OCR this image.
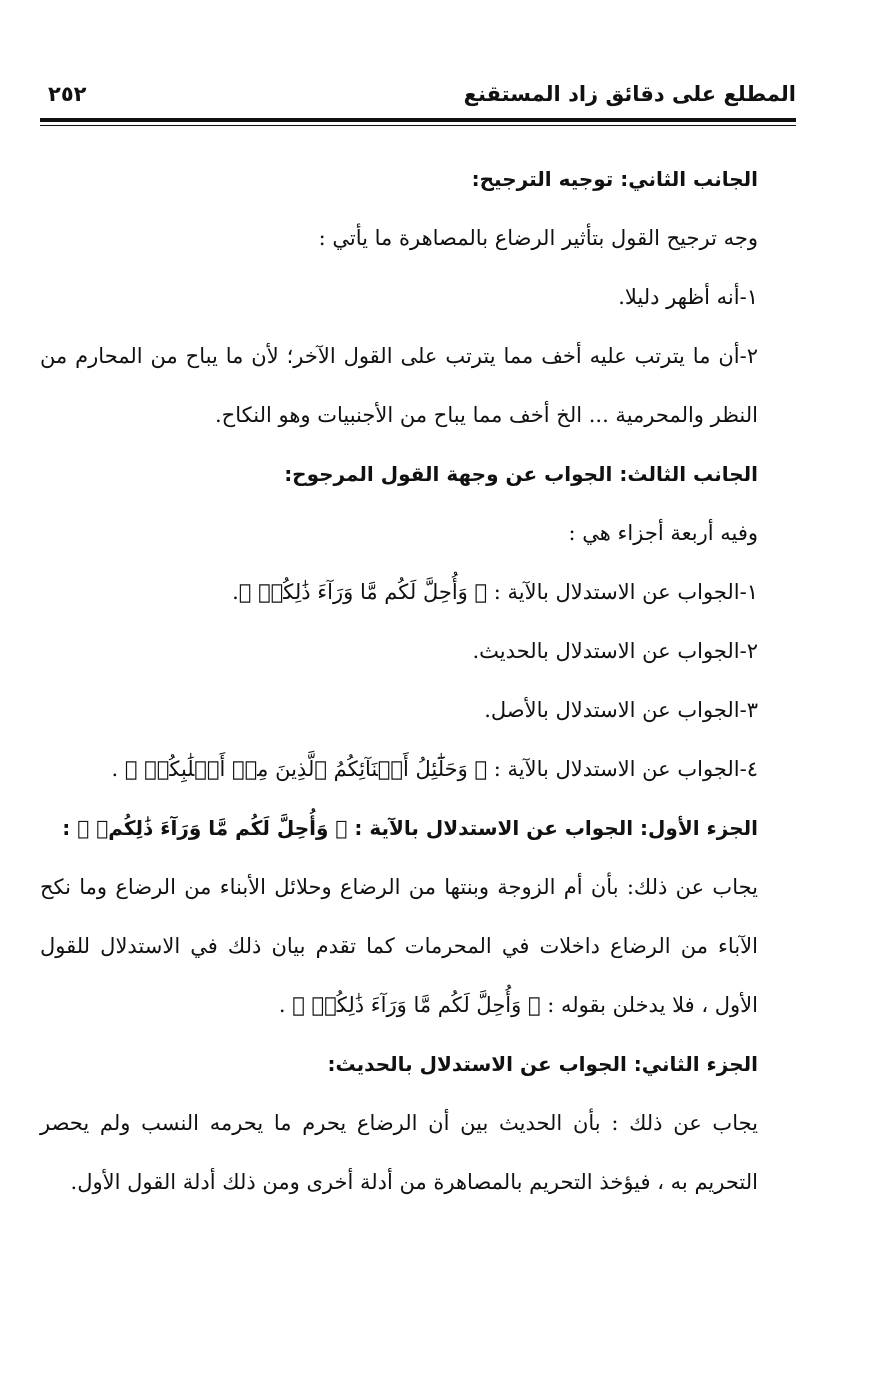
المطلع على دقائق زاد المستقنع
٢٥٢

الجانب الثاني: توجيه الترجيح:

وجه ترجيح القول بتأثير الرضاع بالمصاهرة ما يأتي :

١-أنه أظهر دليلا.

٢-أن ما يترتب عليه أخف مما يترتب على القول الآخر؛ لأن ما يباح من المحارم من النظر والمحرمية ... الخ أخف مما يباح من الأجنبيات وهو النكاح.

الجانب الثالث: الجواب عن وجهة القول المرجوح:

وفيه أربعة أجزاء هي :

١-الجواب عن الاستدلال بالآية : ﴿ وَأُحِلَّ لَكُم مَّا وَرَآءَ ذَٰلِكُمۡ ﴾.

٢-الجواب عن الاستدلال بالحديث.

٣-الجواب عن الاستدلال بالأصل.

٤-الجواب عن الاستدلال بالآية : ﴿ وَحَلَٰٓئِلُ أَبۡنَآئِكُمُ ٱلَّذِينَ مِنۡ أَصۡلَٰبِكُمۡ ﴾ .

الجزء الأول: الجواب عن الاستدلال بالآية : ﴿ وَأُحِلَّ لَكُم مَّا وَرَآءَ ذَٰلِكُمۡ ﴾ :

يجاب عن ذلك: بأن أم الزوجة وبنتها من الرضاع وحلائل الأبناء من الرضاع وما نكح الآباء من الرضاع داخلات في المحرمات كما تقدم بيان ذلك في الاستدلال للقول الأول ، فلا يدخلن بقوله : ﴿ وَأُحِلَّ لَكُم مَّا وَرَآءَ ذَٰلِكُمۡ ﴾ .

الجزء الثاني: الجواب عن الاستدلال بالحديث:

يجاب عن ذلك : بأن الحديث بين أن الرضاع يحرم ما يحرمه النسب ولم يحصر التحريم به ، فيؤخذ التحريم بالمصاهرة من أدلة أخرى ومن ذلك أدلة القول الأول.
